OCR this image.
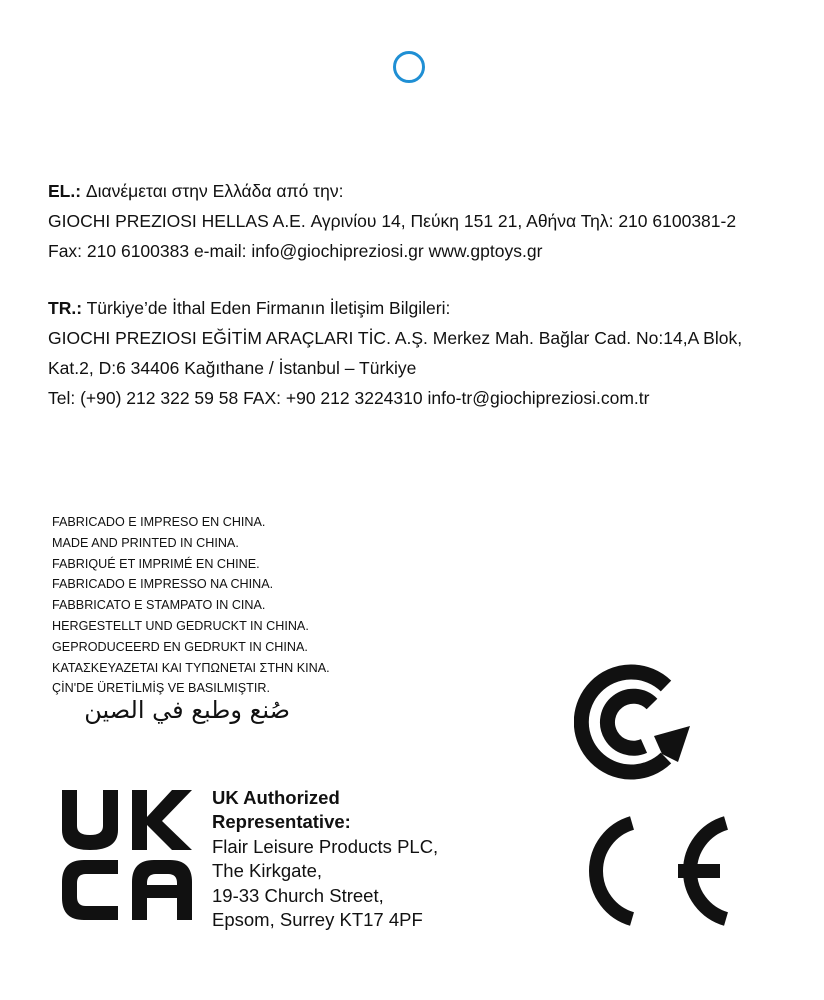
EL.: Διανέμεται στην Ελλάδα από την:
GIOCHI PREZIOSI HELLAS A.E. Αγρινίου 14, Πεύκη 151 21, Αθήνα Τηλ: 210 6100381-2
Fax: 210 6100383 e-mail: info@giochipreziosi.gr www.gptoys.gr
TR.: Türkiye’de İthal Eden Firmanın İletişim Bilgileri:
GIOCHI PREZIOSI EĞİTİM ARAÇLARI TİC. A.Ş. Merkez Mah. Bağlar Cad. No:14,A Blok,
Kat.2, D:6 34406 Kağıthane / İstanbul – Türkiye
Tel: (+90) 212 322 59 58 FAX: +90 212 3224310 info-tr@giochipreziosi.com.tr
FABRICADO E IMPRESO EN CHINA.
MADE AND PRINTED IN CHINA.
FABRIQUÉ ET IMPRIMÉ EN CHINE.
FABRICADO E IMPRESSO NA CHINA.
FABBRICATO E STAMPATO IN CINA.
HERGESTELLT UND GEDRUCKT IN CHINA.
GEPRODUCEERD EN GEDRUKT IN CHINA.
ΚΑΤΑΣΚΕΥΑΖΕΤΑΙ ΚΑΙ ΤΥΠΩΝΕΤΑΙ ΣΤΗΝ ΚΙΝΑ.
ÇİN'DE ÜRETİLMİŞ VE BASILMIŞTIR.
صُنع وطبع في الصين
UK Authorized
Representative:
Flair Leisure Products PLC,
The Kirkgate,
19-33 Church Street,
Epsom, Surrey KT17 4PF
